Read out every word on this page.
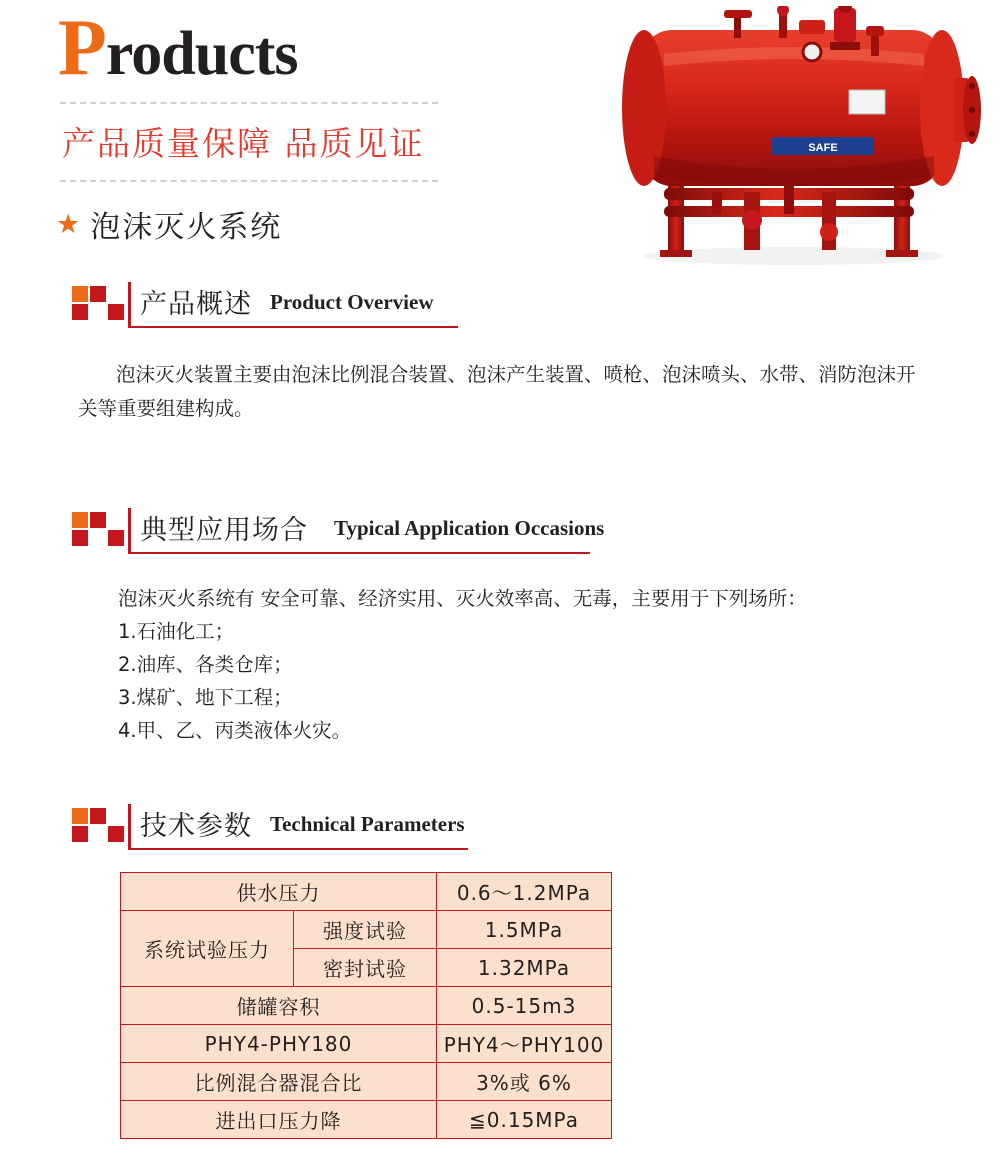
Products
产品质量保障 品质见证
★ 泡沫灭火系统
SAFE
产品概述 Product Overview
泡沫灭火装置主要由泡沫比例混合装置、泡沫产生装置、喷枪、泡沫喷头、水带、消防泡沫开关等重要组建构成。
典型应用场合 Typical Application Occasions
泡沫灭火系统有 安全可靠、经济实用、灭火效率高、无毒，主要用于下列场所：
1.石油化工；
2.油库、各类仓库；
3.煤矿、地下工程；
4.甲、乙、丙类液体火灾。
技术参数 Technical Parameters
供水压力		0.6～1.2MPa
系统试验压力	强度试验	1.5MPa
	密封试验	1.32MPa
储罐容积		0.5-15m3
PHY4-PHY180		PHY4～PHY100
比例混合器混合比		3%或 6%
进出口压力降		≦0.15MPa
